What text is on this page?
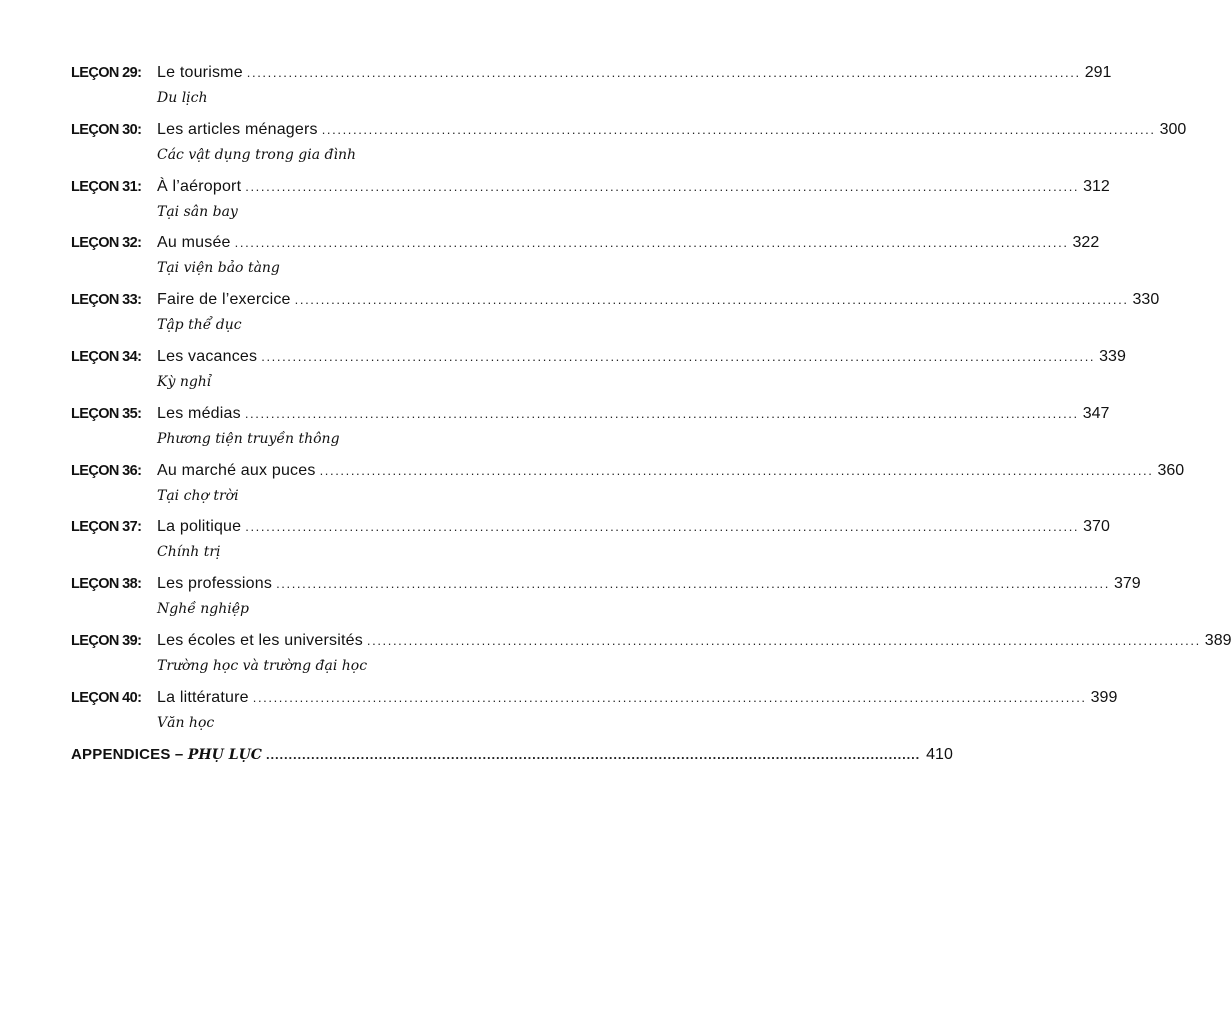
LEÇON 29: Le tourisme ................................................................................................................................................................ 291
Du lịch
LEÇON 30: Les articles ménagers ................................................................................................................................................................ 300
Các vật dụng trong gia đình
LEÇON 31: À l’aéroport ................................................................................................................................................................ 312
Tại sân bay
LEÇON 32: Au musée ................................................................................................................................................................ 322
Tại viện bảo tàng
LEÇON 33: Faire de l’exercice ................................................................................................................................................................ 330
Tập thể dục
LEÇON 34: Les vacances ................................................................................................................................................................ 339
Kỳ nghỉ
LEÇON 35: Les médias ................................................................................................................................................................ 347
Phương tiện truyền thông
LEÇON 36: Au marché aux puces ................................................................................................................................................................ 360
Tại chợ trời
LEÇON 37: La politique ................................................................................................................................................................ 370
Chính trị
LEÇON 38: Les professions ................................................................................................................................................................ 379
Nghề nghiệp
LEÇON 39: Les écoles et les universités ................................................................................................................................................................ 389
Trường học và trường đại học
LEÇON 40: La littérature ................................................................................................................................................................ 399
Văn học
APPENDICES –
PHỤ LỤC ................................................................................................................................................. 410
